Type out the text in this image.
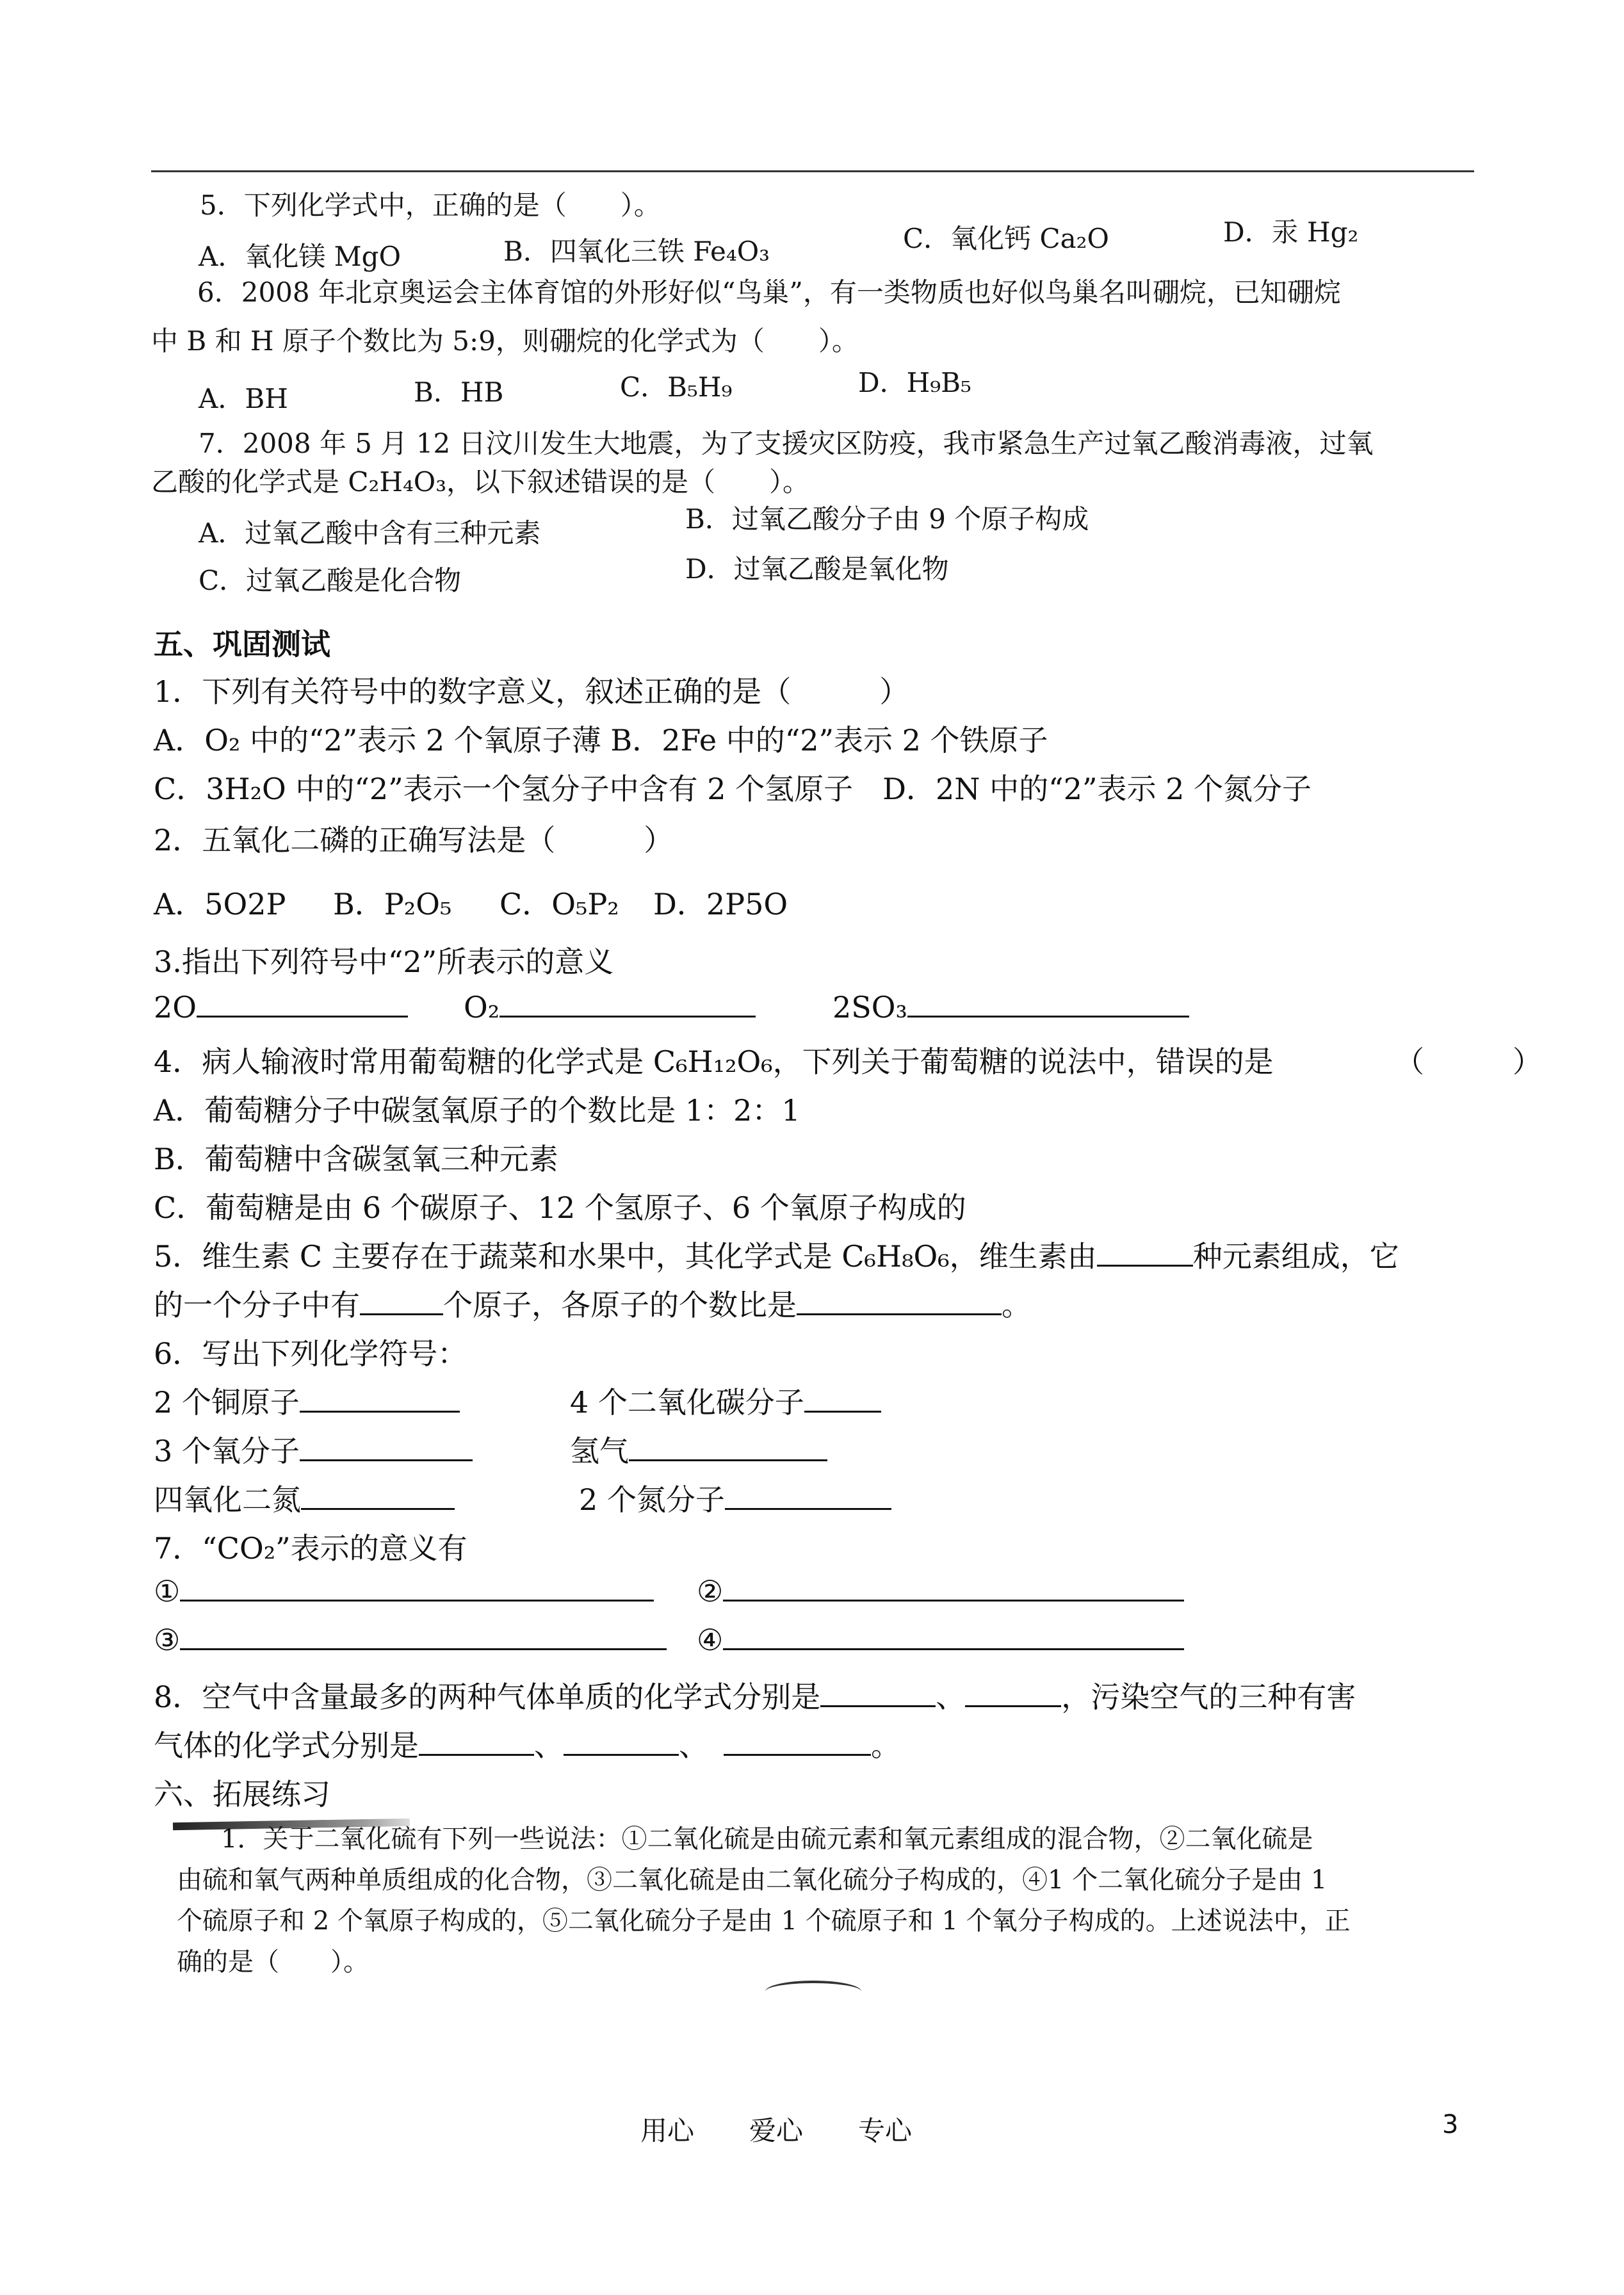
5．下列化学式中，正确的是（　　）。
A．氧化镁 MgO	B．四氧化三铁 Fe₄O₃	C．氧化钙 Ca₂O	D．汞 Hg₂
6．2008 年北京奥运会主体育馆的外形好似“鸟巢”，有一类物质也好似鸟巢名叫硼烷，已知硼烷
中 B 和 H 原子个数比为 5:9，则硼烷的化学式为（　　）。
A．BH	B．HB	C．B₅H₉	D．H₉B₅
7．2008 年 5 月 12 日汶川发生大地震，为了支援灾区防疫，我市紧急生产过氧乙酸消毒液，过氧
乙酸的化学式是 C₂H₄O₃，以下叙述错误的是（　　）。
A．过氧乙酸中含有三种元素	B．过氧乙酸分子由 9 个原子构成
C．过氧乙酸是化合物	D．过氧乙酸是氧化物
五、巩固测试
1．下列有关符号中的数字意义，叙述正确的是（　　　）
A．O₂ 中的“2”表示 2 个氧原子薄 B．2Fe 中的“2”表示 2 个铁原子
C．3H₂O 中的“2”表示一个氢分子中含有 2 个氢原子　D．2N 中的“2”表示 2 个氮分子
2．五氧化二磷的正确写法是（　　　）
A．5O2P B．P₂O₅ C．O₅P₂ D．2P5O
3.指出下列符号中“2”所表示的意义
2O	O₂	2SO₃
4．病人输液时常用葡萄糖的化学式是 C₆H₁₂O₆，下列关于葡萄糖的说法中，错误的是	（　　　）
A．葡萄糖分子中碳氢氧原子的个数比是 1：2：1
B．葡萄糖中含碳氢氧三种元素
C．葡萄糖是由 6 个碳原子、12 个氢原子、6 个氧原子构成的
5．维生素 C 主要存在于蔬菜和水果中，其化学式是 C₆H₈O₆，维生素由	种元素组成，它
的一个分子中有	个原子，各原子的个数比是	。
6．写出下列化学符号：
2 个铜原子	4 个二氧化碳分子
3 个氧分子	氢气
四氧化二氮	2 个氮分子
7．“CO₂”表示的意义有
①	②
③	④
8．空气中含量最多的两种气体单质的化学式分别是	、	，污染空气的三种有害
气体的化学式分别是	、	、	。
六、拓展练习
1．关于二氧化硫有下列一些说法：①二氧化硫是由硫元素和氧元素组成的混合物，②二氧化硫是
由硫和氧气两种单质组成的化合物，③二氧化硫是由二氧化硫分子构成的，④1 个二氧化硫分子是由 1
个硫原子和 2 个氧原子构成的，⑤二氧化硫分子是由 1 个硫原子和 1 个氧分子构成的。上述说法中，正
确的是（　　）。
用心 爱心 专心	3
